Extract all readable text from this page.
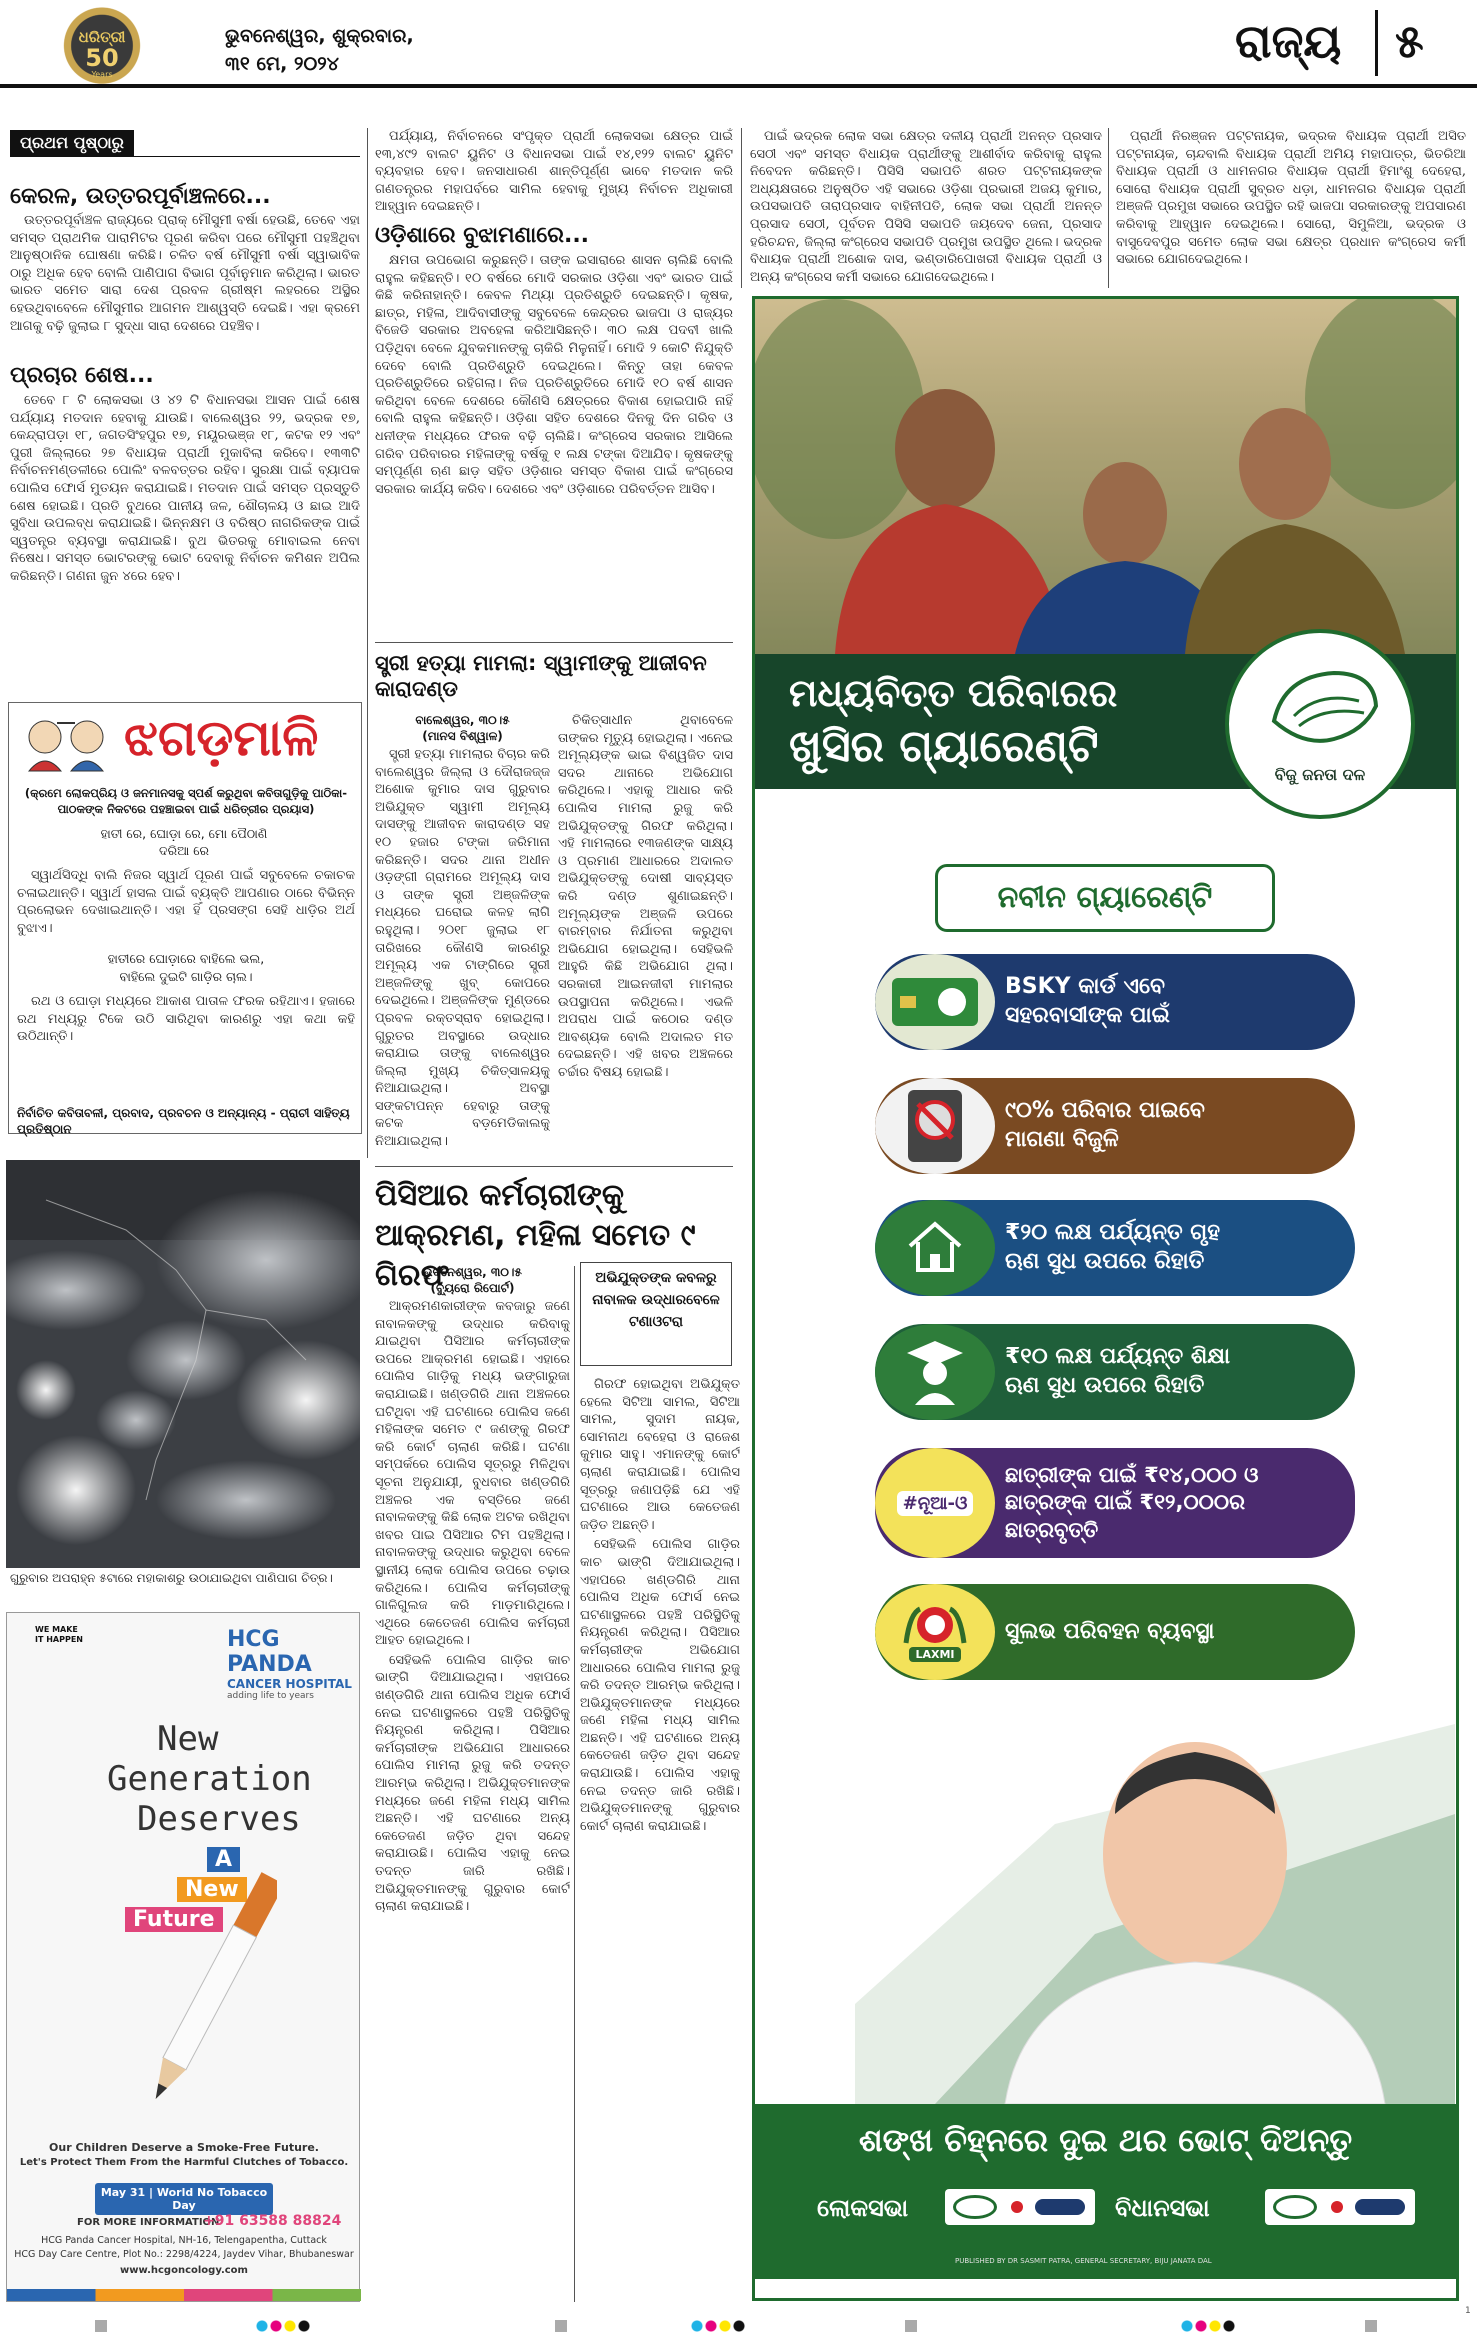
ଧରିତ୍ରୀ
50
Years
ଭୁବନେଶ୍ୱର, ଶୁକ୍ରବାର,
୩୧ ମେ, ୨୦୨୪	ରାଜ୍ୟ ୫
ପ୍ରଥମ ପୃଷ୍ଠାରୁ
କେରଳ, ଉତ୍ତରପୂର୍ବାଞ୍ଚଳରେ...

ଉତ୍ତରପୂର୍ବାଞ୍ଚଳ ରାଜ୍ୟରେ ପ୍ରାକ୍ ମୌସୁମୀ ବର୍ଷା ହେଉଛି, ତେବେ ଏହା ସମସ୍ତ ପ୍ରାଥମିକ ପାରାମିଟର ପୂରଣ କରିବା ପରେ ମୌସୁମୀ ପହଞ୍ଚିଥିବା ଆନୁଷ୍ଠାନିକ ଘୋଷଣା କରିଛି। ଚଳିତ ବର୍ଷ ମୌସୁମୀ ବର୍ଷା ସ୍ୱାଭାବିକ ଠାରୁ ଅଧିକ ହେବ ବୋଲି ପାଣିପାଗ ବିଭାଗ ପୂର୍ବାନୁମାନ କରିଥିଲା। ଭାରତ ଭାରତ ସମେତ ସାରା ଦେଶ ପ୍ରବଳ ଗ୍ରୀଷ୍ମ ଲହରରେ ଅସ୍ଥିର ହେଉଥିବାବେଳେ ମୌସୁମୀର ଆଗମନ ଆଶ୍ୱସ୍ତି ଦେଇଛି। ଏହା କ୍ରମେ ଆଗକୁ ବଢ଼ି ଜୁଲାଇ ୮ ସୁଦ୍ଧା ସାରା ଦେଶରେ ପହଞ୍ଚିବ।

ପ୍ରଚାର ଶେଷ...

ତେବେ ୮ ଟି ଲୋକସଭା ଓ ୪୨ ଟି ବିଧାନସଭା ଆସନ ପାଇଁ ଶେଷ ପର୍ଯ୍ୟାୟ ମତଦାନ ହେବାକୁ ଯାଉଛି। ବାଲେଶ୍ୱର ୨୨, ଭଦ୍ରକ ୧୭, କେନ୍ଦ୍ରାପଡ଼ା ୧୮, ଜଗତସିଂହପୁର ୧୭, ମୟୂରଭଞ୍ଜ ୧୮, କଟକ ୧୨ ଏବଂ ପୁରୀ ଜିଲ୍ଲାରେ ୨୭ ବିଧାୟକ ପ୍ରାର୍ଥୀ ମୁକାବିଲା କରିବେ। ୧୩୩ଟି ନିର୍ବାଚନମଣ୍ଡଳୀରେ ପୋଲିଂ ବଳବତ୍ତର ରହିବ। ସୁରକ୍ଷା ପାଇଁ ବ୍ୟାପକ ପୋଲିସ ଫୋର୍ସ ମୁତୟନ କରାଯାଇଛି। ମତଦାନ ପାଇଁ ସମସ୍ତ ପ୍ରସ୍ତୁତି ଶେଷ ହୋଇଛି। ପ୍ରତି ବୁଥରେ ପାନୀୟ ଜଳ, ଶୌଚାଳୟ ଓ ଛାଇ ଆଦି ସୁବିଧା ଉପଲବ୍ଧ କରାଯାଇଛି। ଭିନ୍ନକ୍ଷମ ଓ ବରିଷ୍ଠ ନାଗରିକଙ୍କ ପାଇଁ ସ୍ୱତନ୍ତ୍ର ବ୍ୟବସ୍ଥା କରାଯାଇଛି। ବୁଥ ଭିତରକୁ ମୋବାଇଲ ନେବା ନିଷେଧ। ସମସ୍ତ ଭୋଟରଙ୍କୁ ଭୋଟ ଦେବାକୁ ନିର୍ବାଚନ କମିଶନ ଅପିଲ କରିଛନ୍ତି। ଗଣନା ଜୁନ ୪ରେ ହେବ।

ଝଗଡ଼ମାଳି
(କ୍ରମେ ଲୋକପ୍ରିୟ ଓ ଜନମାନସକୁ ସ୍ପର୍ଶ କରୁଥିବା କବିତାଗୁଡ଼ିକୁ ପାଠିକା-ପାଠକଙ୍କ ନିକଟରେ ପହଞ୍ଚାଇବା ପାଇଁ ଧରିତ୍ରୀର ପ୍ରୟାସ)
ହାତୀ ରେ, ଘୋଡ଼ା ରେ, ମୋ ପୈଠାଣି ଦରିଆ ରେ

ସ୍ୱାର୍ଥସିଦ୍ଧି ବାଲି ନିଜର ସ୍ୱାର୍ଥ ପୂରଣ ପାଇଁ ସବୁବେଳେ ଚକାଚକ ଚଳାଇଥାନ୍ତି। ସ୍ୱାର୍ଥ ହାସଲ ପାଇଁ ବ୍ୟକ୍ତି ଆପଣାର ଠାରେ ବିଭିନ୍ନ ପ୍ରଲୋଭନ ଦେଖାଇଥାନ୍ତି। ଏହା ହିଁ ପ୍ରସଙ୍ଗ ସେହି ଧାଡ଼ିର ଅର୍ଥ ବୁଝାଏ।

ହାତୀରେ ଘୋଡ଼ାରେ ବାହିଲେ ଭଲ,
ବାହିଲେ ଦୁଇଟି ଗାଡ଼ିର ଚାଲ।

ରଥ ଓ ଘୋଡ଼ା ମଧ୍ୟରେ ଆକାଶ ପାତାଳ ଫରକ ରହିଥାଏ। ହଜାରେ ରଥ ମଧ୍ୟରୁ ଟିକେ ଉଠି ସାରିଥିବା କାରଣରୁ ଏହା କଥା କହି ଉଠିଥାନ୍ତି।

ନିର୍ବାଚିତ କବିତାବଳୀ, ପ୍ରବାଦ, ପ୍ରବଚନ ଓ ଅନ୍ୟାନ୍ୟ - ପ୍ରାଚୀ ସାହିତ୍ୟ ପ୍ରତିଷ୍ଠାନ
ଗୁରୁବାର ଅପରାହ୍ନ ୫ଟାରେ ମହାକାଶରୁ ଉଠାଯାଇଥିବା ପାଣିପାଗ ଚିତ୍ର।
WE MAKE IT HAPPEN	HCG PANDA
CANCER HOSPITAL
adding life to years
New
Generation
Deserves
A
New
Future
Our Children Deserve a Smoke-Free Future.
Let's Protect Them From the Harmful Clutches of Tobacco.
May 31 | World No Tobacco Day
FOR MORE INFORMATION
+91 63588 88824
HCG Panda Cancer Hospital, NH-16, Telengapentha, Cuttack
HCG Day Care Centre, Plot No.: 2298/4224, Jaydev Vihar, Bhubaneswar
www.hcgoncology.com

ପର୍ଯ୍ୟାୟ, ନିର୍ବାଚନରେ ସଂପୃକ୍ତ ପ୍ରାର୍ଥୀ ଲୋକସଭା କ୍ଷେତ୍ର ପାଇଁ ୧୩,୪୯୨ ବାଲଟ ୟୁନିଟ ଓ ବିଧାନସଭା ପାଇଁ ୧୪,୧୨୨ ବାଲଟ ୟୁନିଟ ବ୍ୟବହାର ହେବ। ଜନସାଧାରଣ ଶାନ୍ତିପୂର୍ଣ୍ଣ ଭାବେ ମତଦାନ କରି ଗଣତନ୍ତ୍ରର ମହାପର୍ବରେ ସାମିଲ ହେବାକୁ ମୁଖ୍ୟ ନିର୍ବାଚନ ଅଧିକାରୀ ଆହ୍ୱାନ ଦେଇଛନ୍ତି।

ଓଡ଼ିଶାରେ ବୁଝାମଣାରେ...

କ୍ଷମତା ଉପଭୋଗ କରୁଛନ୍ତି। ତାଙ୍କ ଇସାରାରେ ଶାସନ ଚାଲିଛି ବୋଲି ରାହୁଲ କହିଛନ୍ତି। ୧୦ ବର୍ଷରେ ମୋଦି ସରକାର ଓଡ଼ିଶା ଏବଂ ଭାରତ ପାଇଁ କିଛି କରିନାହାନ୍ତି। କେବଳ ମିଥ୍ୟା ପ୍ରତିଶ୍ରୁତି ଦେଇଛନ୍ତି। କୃଷକ, ଛାତ୍ର, ମହିଳା, ଆଦିବାସୀଙ୍କୁ ସବୁବେଳେ କେନ୍ଦ୍ରର ଭାଜପା ଓ ରାଜ୍ୟର ବିଜେଡି ସରକାର ଅବହେଳା କରିଆସିଛନ୍ତି। ୩୦ ଲକ୍ଷ ପଦବୀ ଖାଲି ପଡ଼ିଥିବା ବେଳେ ଯୁବକମାନଙ୍କୁ ଚାକିରି ମିଳୁନାହିଁ। ମୋଦି ୨ କୋଟି ନିଯୁକ୍ତି ଦେବେ ବୋଲି ପ୍ରତିଶ୍ରୁତି ଦେଇଥିଲେ। କିନ୍ତୁ ତାହା କେବଳ ପ୍ରତିଶ୍ରୁତିରେ ରହିଗଲା। ନିଜ ପ୍ରତିଶ୍ରୁତିରେ ମୋଦି ୧୦ ବର୍ଷ ଶାସନ କରିଥିବା ବେଳେ ଦେଶରେ କୌଣସି କ୍ଷେତ୍ରରେ ବିକାଶ ହୋଇପାରି ନାହିଁ ବୋଲି ରାହୁଲ କହିଛନ୍ତି। ଓଡ଼ିଶା ସହିତ ଦେଶରେ ଦିନକୁ ଦିନ ଗରିବ ଓ ଧନୀଙ୍କ ମଧ୍ୟରେ ଫରକ ବଢ଼ି ଚାଲିଛି। କଂଗ୍ରେସ ସରକାର ଆସିଲେ ଗରିବ ପରିବାରର ମହିଳାଙ୍କୁ ବର୍ଷକୁ ୧ ଲକ୍ଷ ଟଙ୍କା ଦିଆଯିବ। କୃଷକଙ୍କୁ ସମ୍ପୂର୍ଣ୍ଣ ଋଣ ଛାଡ଼ ସହିତ ଓଡ଼ିଶାର ସମସ୍ତ ବିକାଶ ପାଇଁ କଂଗ୍ରେସ ସରକାର କାର୍ଯ୍ୟ କରିବ। ଦେଶରେ ଏବଂ ଓଡ଼ିଶାରେ ପରିବର୍ତ୍ତନ ଆସିବ।

ସ୍ତ୍ରୀ ହତ୍ୟା ମାମଲା: ସ୍ୱାମୀଙ୍କୁ ଆଜୀବନ କାରାଦଣ୍ଡ
ବାଲେଶ୍ୱର, ୩୦।୫
(ମାନସ ବିଶ୍ୱାଳ)

ସ୍ତ୍ରୀ ହତ୍ୟା ମାମଲାର ବିଚାର କରି ବାଲେଶ୍ୱର ଜିଲ୍ଲା ଓ ଦୌରାଜଜ୍ଜ ଅଶୋକ କୁମାର ଦାସ ଗୁରୁବାର ଅଭିଯୁକ୍ତ ସ୍ୱାମୀ ଅମୂଲ୍ୟ ଦାସଙ୍କୁ ଆଜୀବନ କାରାଦଣ୍ଡ ସହ ୧୦ ହଜାର ଟଙ୍କା ଜରିମାନା କରିଛନ୍ତି। ସଦର ଥାନା ଅଧୀନ ଓଡ଼ଙ୍ଗୀ ଗ୍ରାମରେ ଅମୂଲ୍ୟ ଦାସ ଓ ତାଙ୍କ ସ୍ତ୍ରୀ ଅଞ୍ଜଳିଙ୍କ ମଧ୍ୟରେ ଘରୋଇ କଳହ ଲାଗି ରହୁଥିଲା। ୨୦୧୮ ଜୁଲାଇ ୧୮ ତାରିଖରେ କୌଣସି କାରଣରୁ ଅମୂଲ୍ୟ ଏକ ଟାଙ୍ଗିରେ ସ୍ତ୍ରୀ ଅଞ୍ଜଳିଙ୍କୁ ଖୁବ୍ କୋପରେ ଦେଇଥିଲେ। ଅଞ୍ଜଳିଙ୍କ ମୁଣ୍ଡରେ ପ୍ରବଳ ରକ୍ତସ୍ରାବ ହୋଇଥିଲା। ଗୁରୁତର ଅବସ୍ଥାରେ ଉଦ୍ଧାର କରାଯାଇ ତାଙ୍କୁ ବାଲେଶ୍ୱର ଜିଲ୍ଲା ମୁଖ୍ୟ ଚିକିତ୍ସାଳୟକୁ ନିଆଯାଇଥିଲା। ଅବସ୍ଥା ସଙ୍କଟାପନ୍ନ ହେବାରୁ ତାଙ୍କୁ କଟକ ବଡ଼ମେଡିକାଲକୁ ନିଆଯାଇଥିଲା।

ଚିକିତ୍ସାଧୀନ ଥିବାବେଳେ ତାଙ୍କର ମୃତ୍ୟୁ ହୋଇଥିଲା। ଏନେଇ ଅମୂଲ୍ୟଙ୍କ ଭାଇ ବିଶ୍ୱଜିତ ଦାସ ସଦର ଥାନାରେ ଅଭିଯୋଗ କରିଥିଲେ। ଏହାକୁ ଆଧାର କରି ପୋଲିସ ମାମଲା ରୁଜୁ କରି ଅଭିଯୁକ୍ତଙ୍କୁ ଗିରଫ କରିଥିଲା। ଏହି ମାମଲାରେ ୧୩ଜଣଙ୍କ ସାକ୍ଷ୍ୟ ଓ ପ୍ରମାଣ ଆଧାରରେ ଅଦାଲତ ଅଭିଯୁକ୍ତଙ୍କୁ ଦୋଷୀ ସାବ୍ୟସ୍ତ କରି ଦଣ୍ଡ ଶୁଣାଇଛନ୍ତି। ଅମୂଲ୍ୟଙ୍କ ଅଞ୍ଜଳି ଉପରେ ବାରମ୍ବାର ନିର୍ଯାତନା କରୁଥିବା ଅଭିଯୋଗ ହୋଇଥିଲା। ସେହିଭଳି ଆହୁରି କିଛି ଅଭିଯୋଗ ଥିଲା। ସରକାରୀ ଆଇନଜୀବୀ ମାମଲାର ଉପସ୍ଥାପନା କରିଥିଲେ। ଏଭଳି ଅପରାଧ ପାଇଁ କଠୋର ଦଣ୍ଡ ଆବଶ୍ୟକ ବୋଲି ଅଦାଲତ ମତ ଦେଇଛନ୍ତି। ଏହି ଖବର ଅଞ୍ଚଳରେ ଚର୍ଚ୍ଚାର ବିଷୟ ହୋଇଛି।

ପିସିଆର କର୍ମଚାରୀଙ୍କୁ ଆକ୍ରମଣ, ମହିଳା ସମେତ ୯ ଗିରଫ
ଭୁବନେଶ୍ୱର, ୩୦।୫
(ବ୍ୟୁରୋ ରିପୋର୍ଟ)
ଅଭିଯୁକ୍ତଙ୍କ କବଳରୁ ନାବାଳକ ଉଦ୍ଧାରବେଳେ ଟଣାଓଟରା

ଆକ୍ରମଣକାରୀଙ୍କ କବଜାରୁ ଜଣେ ନାବାଳକଙ୍କୁ ଉଦ୍ଧାର କରିବାକୁ ଯାଇଥିବା ପିସିଆର କର୍ମଚାରୀଙ୍କ ଉପରେ ଆକ୍ରମଣ ହୋଇଛି। ଏହାରେ ପୋଲିସ ଗାଡ଼ିକୁ ମଧ୍ୟ ଭଙ୍ଗାରୁଜା କରାଯାଇଛି। ଖଣ୍ଡଗିରି ଥାନା ଅଞ୍ଚଳରେ ଘଟିଥିବା ଏହି ଘଟଣାରେ ପୋଲିସ ଜଣେ ମହିଳାଙ୍କ ସମେତ ୯ ଜଣଙ୍କୁ ଗିରଫ କରି କୋର୍ଟ ଚାଲାଣ କରିଛି। ଘଟଣା ସମ୍ପର୍କରେ ପୋଲିସ ସୂତ୍ରରୁ ମିଳିଥିବା ସୂଚନା ଅନୁଯାୟୀ, ବୁଧବାର ଖଣ୍ଡଗିରି ଅଞ୍ଚଳର ଏକ ବସ୍ତିରେ ଜଣେ ନାବାଳକଙ୍କୁ କିଛି ଲୋକ ଅଟକ ରଖିଥିବା ଖବର ପାଇ ପିସିଆର ଟିମ ପହଞ୍ଚିଥିଲା। ନାବାଳକଙ୍କୁ ଉଦ୍ଧାର କରୁଥିବା ବେଳେ ସ୍ଥାନୀୟ ଲୋକ ପୋଲିସ ଉପରେ ଚଢ଼ାଉ କରିଥିଲେ। ପୋଲିସ କର୍ମଚାରୀଙ୍କୁ ଗାଳିଗୁଲଜ କରି ମାଡ଼ମାରିଥିଲେ। ଏଥିରେ କେତେଜଣ ପୋଲିସ କର୍ମଚାରୀ ଆହତ ହୋଇଥିଲେ।

ସେହିଭଳି ପୋଲିସ ଗାଡ଼ିର କାଚ ଭାଙ୍ଗି ଦିଆଯାଇଥିଲା। ଏହାପରେ ଖଣ୍ଡଗିରି ଥାନା ପୋଲିସ ଅଧିକ ଫୋର୍ସ ନେଇ ଘଟଣାସ୍ଥଳରେ ପହଞ୍ଚି ପରିସ୍ଥିତିକୁ ନିୟନ୍ତ୍ରଣ କରିଥିଲା। ପିସିଆର କର୍ମଚାରୀଙ୍କ ଅଭିଯୋଗ ଆଧାରରେ ପୋଲିସ ମାମଲା ରୁଜୁ କରି ତଦନ୍ତ ଆରମ୍ଭ କରିଥିଲା। ଅଭିଯୁକ୍ତମାନଙ୍କ ମଧ୍ୟରେ ଜଣେ ମହିଳା ମଧ୍ୟ ସାମିଲ ଅଛନ୍ତି। ଏହି ଘଟଣାରେ ଅନ୍ୟ କେତେଜଣ ଜଡ଼ିତ ଥିବା ସନ୍ଦେହ କରାଯାଉଛି। ପୋଲିସ ଏହାକୁ ନେଇ ତଦନ୍ତ ଜାରି ରଖିଛି। ଅଭିଯୁକ୍ତମାନଙ୍କୁ ଗୁରୁବାର କୋର୍ଟ ଚାଲାଣ କରାଯାଇଛି।

ଗିରଫ ହୋଇଥିବା ଅଭିଯୁକ୍ତ ହେଲେ ସିଟିଆ ସାମଲ, ସିଟିଆ ସାମଲ, ସୁଦାମ ନାୟକ, ସୋମନାଥ ବେହେରା ଓ ରାଜେଶ କୁମାର ସାହୁ। ଏମାନଙ୍କୁ କୋର୍ଟ ଚାଲାଣ କରାଯାଇଛି। ପୋଲିସ ସୂତ୍ରରୁ ଜଣାପଡ଼ିଛି ଯେ ଏହି ଘଟଣାରେ ଆଉ କେତେଜଣ ଜଡ଼ିତ ଅଛନ୍ତି।

ସେହିଭଳି ପୋଲିସ ଗାଡ଼ିର କାଚ ଭାଙ୍ଗି ଦିଆଯାଇଥିଲା। ଏହାପରେ ଖଣ୍ଡଗିରି ଥାନା ପୋଲିସ ଅଧିକ ଫୋର୍ସ ନେଇ ଘଟଣାସ୍ଥଳରେ ପହଞ୍ଚି ପରିସ୍ଥିତିକୁ ନିୟନ୍ତ୍ରଣ କରିଥିଲା। ପିସିଆର କର୍ମଚାରୀଙ୍କ ଅଭିଯୋଗ ଆଧାରରେ ପୋଲିସ ମାମଲା ରୁଜୁ କରି ତଦନ୍ତ ଆରମ୍ଭ କରିଥିଲା। ଅଭିଯୁକ୍ତମାନଙ୍କ ମଧ୍ୟରେ ଜଣେ ମହିଳା ମଧ୍ୟ ସାମିଲ ଅଛନ୍ତି। ଏହି ଘଟଣାରେ ଅନ୍ୟ କେତେଜଣ ଜଡ଼ିତ ଥିବା ସନ୍ଦେହ କରାଯାଉଛି। ପୋଲିସ ଏହାକୁ ନେଇ ତଦନ୍ତ ଜାରି ରଖିଛି। ଅଭିଯୁକ୍ତମାନଙ୍କୁ ଗୁରୁବାର କୋର୍ଟ ଚାଲାଣ କରାଯାଇଛି।

ପାଇଁ ଭଦ୍ରକ ଲୋକ ସଭା କ୍ଷେତ୍ର ଦଳୀୟ ପ୍ରାର୍ଥୀ ଅନନ୍ତ ପ୍ରସାଦ ସେଠୀ ଏବଂ ସମସ୍ତ ବିଧାୟକ ପ୍ରାର୍ଥୀଙ୍କୁ ଆଶୀର୍ବାଦ କରିବାକୁ ରାହୁଲ ନିବେଦନ କରିଛନ୍ତି। ପିସିସି ସଭାପତି ଶରତ ପଟ୍ଟନାୟକଙ୍କ ଅଧ୍ୟକ୍ଷତାରେ ଅନୁଷ୍ଠିତ ଏହି ସଭାରେ ଓଡ଼ିଶା ପ୍ରଭାରୀ ଅଜୟ କୁମାର, ଉପସଭାପତି ତାରାପ୍ରସାଦ ବାହିନୀପତି, ଲୋକ ସଭା ପ୍ରାର୍ଥୀ ଅନନ୍ତ ପ୍ରସାଦ ସେଠୀ, ପୂର୍ବତନ ପିସିସି ସଭାପତି ଜୟଦେବ ଜେନା, ପ୍ରସାଦ ହରିଚନ୍ଦନ, ଜିଲ୍ଲା କଂଗ୍ରେସ ସଭାପତି ପ୍ରମୁଖ ଉପସ୍ଥିତ ଥିଲେ। ଭଦ୍ରକ ବିଧାୟକ ପ୍ରାର୍ଥୀ ଅଶୋକ ଦାସ, ଭଣ୍ଡାରିପୋଖରୀ ବିଧାୟକ ପ୍ରାର୍ଥୀ ଓ ଅନ୍ୟ କଂଗ୍ରେସ କର୍ମୀ ସଭାରେ ଯୋଗଦେଇଥିଲେ।

ପ୍ରାର୍ଥୀ ନିରଞ୍ଜନ ପଟ୍ଟନାୟକ, ଭଦ୍ରକ ବିଧାୟକ ପ୍ରାର୍ଥୀ ଅସିତ ପଟ୍ଟନାୟକ, ଚାନ୍ଦବାଲି ବିଧାୟକ ପ୍ରାର୍ଥୀ ଅମିୟ ମହାପାତ୍ର, ଭିତରିଆ ବିଧାୟକ ପ୍ରାର୍ଥୀ ଓ ଧାମନଗର ବିଧାୟକ ପ୍ରାର୍ଥୀ ହିମାଂଶୁ ଦେହେରା, ସୋରୋ ବିଧାୟକ ପ୍ରାର୍ଥୀ ସୁବ୍ରତ ଧଡ଼ା, ଧାମନଗର ବିଧାୟକ ପ୍ରାର୍ଥୀ ଅଞ୍ଜଳି ପ୍ରମୁଖ ସଭାରେ ଉପସ୍ଥିତ ରହି ଭାଜପା ସରକାରଙ୍କୁ ଅପସାରଣ କରିବାକୁ ଆହ୍ୱାନ ଦେଇଥିଲେ। ସୋରୋ, ସିମୁଳିଆ, ଭଦ୍ରକ ଓ ବାସୁଦେବପୁର ସମେତ ଲୋକ ସଭା କ୍ଷେତ୍ର ପ୍ରଧାନ କଂଗ୍ରେସ କର୍ମୀ ସଭାରେ ଯୋଗଦେଇଥିଲେ।

ମଧ୍ୟବିତ୍ତ ପରିବାରର
ଖୁସିର ଗ୍ୟାରେଣ୍ଟି
ବିଜୁ ଜନତା ଦଳ
ନବୀନ ଗ୍ୟାରେଣ୍ଟି
BSKY କାର୍ଡ ଏବେ
ସହରବାସୀଙ୍କ ପାଇଁ
୯୦% ପରିବାର ପାଇବେ
ମାଗଣା ବିଜୁଳି
₹୨୦ ଲକ୍ଷ ପର୍ଯ୍ୟନ୍ତ ଗୃହ
ଋଣ ସୁଧ ଉପରେ ରିହାତି
₹୧୦ ଲକ୍ଷ ପର୍ଯ୍ୟନ୍ତ ଶିକ୍ଷା
ଋଣ ସୁଧ ଉପରେ ରିହାତି
#ନୂଆ-ଓ
ଛାତ୍ରୀଙ୍କ ପାଇଁ ₹୧୪,୦୦୦ ଓ
ଛାତ୍ରଙ୍କ ପାଇଁ ₹୧୨,୦୦୦ର
ଛାତ୍ରବୃତ୍ତି
LAXMI
ସୁଲଭ ପରିବହନ ବ୍ୟବସ୍ଥା
ଶଙ୍ଖ ଚିହ୍ନରେ ଦୁଇ ଥର ଭୋଟ୍ ଦିଅନ୍ତୁ
ଲୋକସଭା	ବିଧାନସଭା
PUBLISHED BY DR SASMIT PATRA, GENERAL SECRETARY, BIJU JANATA DAL
1
